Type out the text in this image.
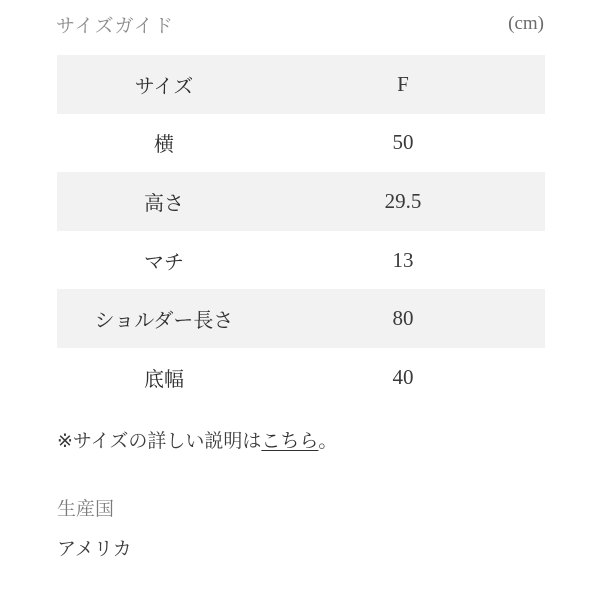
サイズガイド	(cm)
サイズ	F
横	50
高さ	29.5
マチ	13
ショルダー長さ	80
底幅	40
※サイズの詳しい説明はこちら。
生産国
アメリカ
